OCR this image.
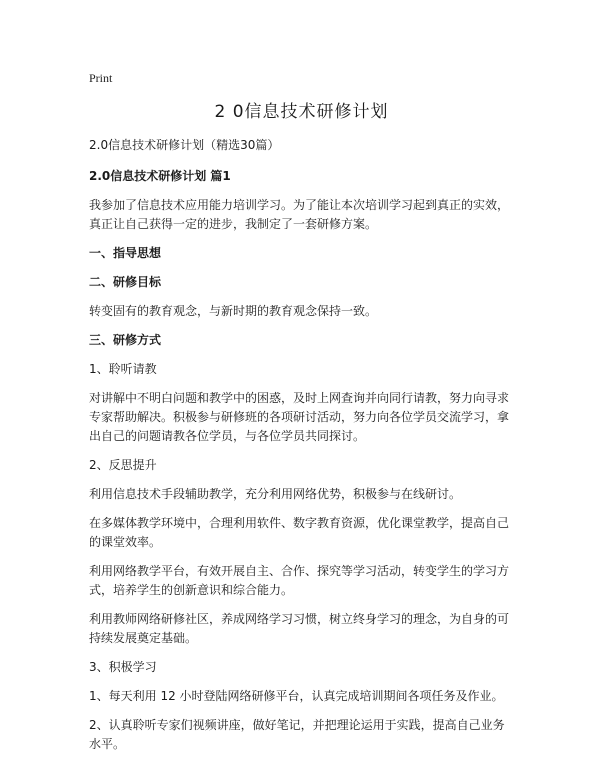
Print
2 0信息技术研修计划

2.0信息技术研修计划（精选30篇）

2.0信息技术研修计划 篇1

我参加了信息技术应用能力培训学习。为了能让本次培训学习起到真正的实效，真正让自己获得一定的进步，我制定了一套研修方案。

一、指导思想

二、研修目标

转变固有的教育观念，与新时期的教育观念保持一致。

三、研修方式

1、聆听请教

对讲解中不明白问题和教学中的困惑，及时上网查询并向同行请教，努力向寻求专家帮助解决。积极参与研修班的各项研讨活动，努力向各位学员交流学习，拿出自己的问题请教各位学员，与各位学员共同探讨。

2、反思提升

利用信息技术手段辅助教学，充分利用网络优势，积极参与在线研讨。

在多媒体教学环境中，合理利用软件、数字教育资源，优化课堂教学，提高自己的课堂效率。

利用网络教学平台，有效开展自主、合作、探究等学习活动，转变学生的学习方式，培养学生的创新意识和综合能力。

利用教师网络研修社区，养成网络学习习惯，树立终身学习的理念，为自身的可持续发展奠定基础。

3、积极学习

1、每天利用 12 小时登陆网络研修平台，认真完成培训期间各项任务及作业。

2、认真聆听专家们视频讲座，做好笔记，并把理论运用于实践，提高自己业务水平。
